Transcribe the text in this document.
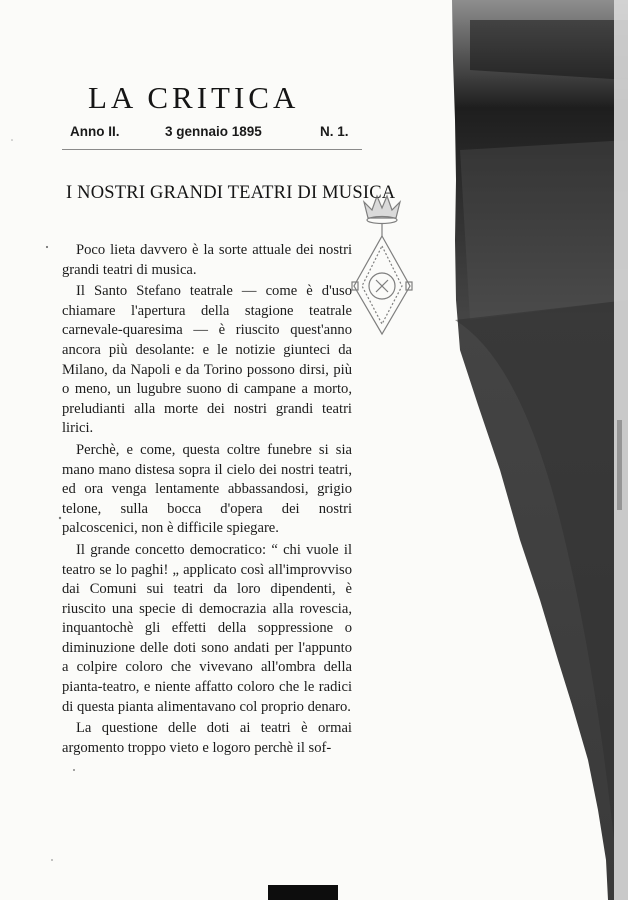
LA CRITICA
Anno II.	3 gennaio 1895	N. 1.
I NOSTRI GRANDI TEATRI DI MUSICA

Poco lieta davvero è la sorte attuale dei nostri grandi teatri di musica.

Il Santo Stefano teatrale — come è d'uso chiamare l'apertura della stagione teatrale carnevale-quaresima — è riuscito quest'anno ancora più desolante: e le notizie giunteci da Milano, da Napoli e da Torino possono dirsi, più o meno, un lugubre suono di campane a morto, preludianti alla morte dei nostri grandi teatri lirici.

Perchè, e come, questa coltre funebre si sia mano mano distesa sopra il cielo dei nostri teatri, ed ora venga lentamente abbassandosi, grigio telone, sulla bocca d'opera dei nostri palcoscenici, non è difficile spiegare.

Il grande concetto democratico: “ chi vuole il teatro se lo paghi! „ applicato così all'improvviso dai Comuni sui teatri da loro dipendenti, è riuscito una specie di democrazia alla rovescia, inquantochè gli effetti della soppressione o diminuzione delle doti sono andati per l'appunto a colpire coloro che vivevano all'ombra della pianta-teatro, e niente affatto coloro che le radici di questa pianta alimentavano col proprio denaro.

La questione delle doti ai teatri è ormai argomento troppo vieto e logoro perchè il sof-
